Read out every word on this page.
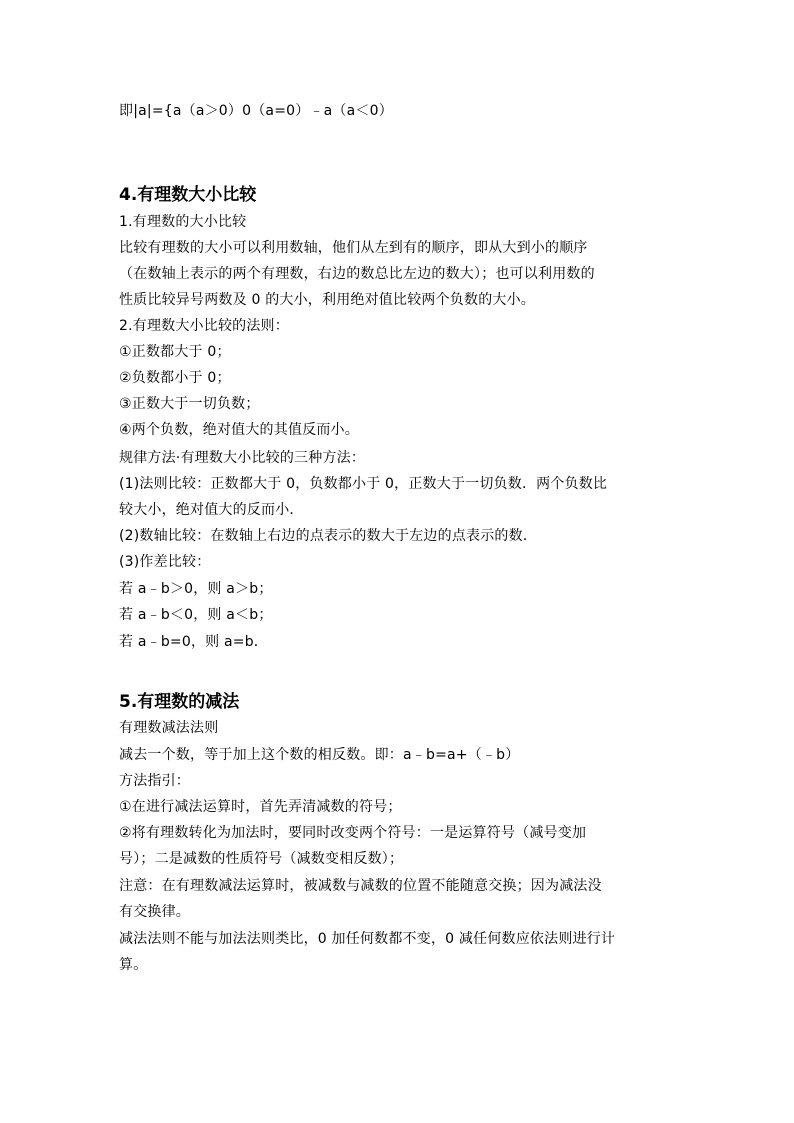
即|a|={a（a＞0）0（a=0）﹣a（a＜0）
4.有理数大小比较
1.有理数的大小比较
比较有理数的大小可以利用数轴，他们从左到有的顺序，即从大到小的顺序
（在数轴上表示的两个有理数，右边的数总比左边的数大）；也可以利用数的
性质比较异号两数及 0 的大小，利用绝对值比较两个负数的大小。
2.有理数大小比较的法则：
①正数都大于 0；
②负数都小于 0；
③正数大于一切负数；
④两个负数，绝对值大的其值反而小。
规律方法·有理数大小比较的三种方法：
(1)法则比较：正数都大于 0，负数都小于 0，正数大于一切负数．两个负数比
较大小，绝对值大的反而小．
(2)数轴比较：在数轴上右边的点表示的数大于左边的点表示的数．
(3)作差比较：
若 a﹣b＞0，则 a＞b；
若 a﹣b＜0，则 a＜b；
若 a﹣b=0，则 a=b．
5.有理数的减法
有理数减法法则
减去一个数，等于加上这个数的相反数。即：a﹣b=a+（﹣b）
方法指引：
①在进行减法运算时，首先弄清减数的符号；
②将有理数转化为加法时，要同时改变两个符号：一是运算符号（减号变加
号）；二是减数的性质符号（减数变相反数）；
注意：在有理数减法运算时，被减数与减数的位置不能随意交换；因为减法没
有交换律。
减法法则不能与加法法则类比，0 加任何数都不变，0 减任何数应依法则进行计
算。
